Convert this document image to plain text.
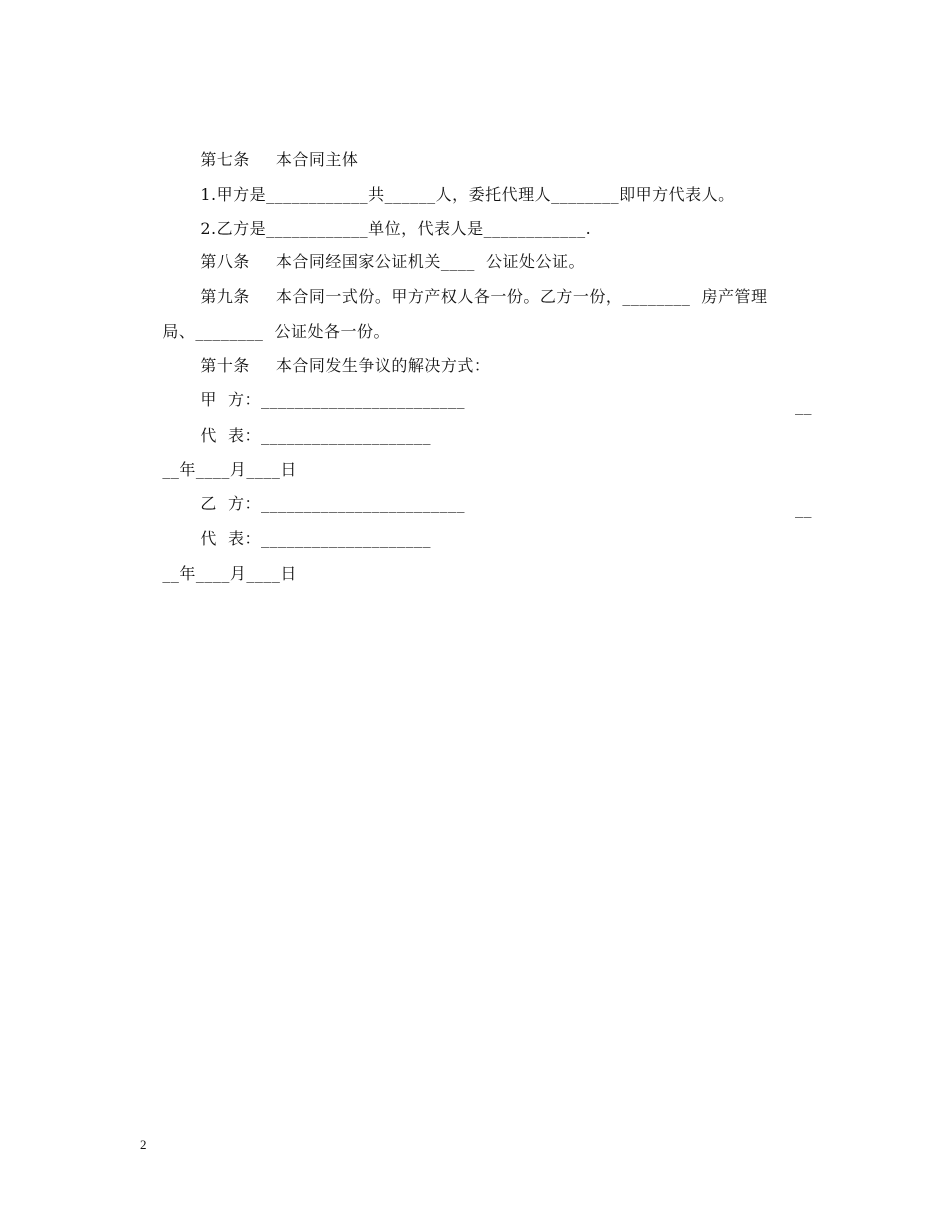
第七条 本合同主体

1.甲方是____________共______人，委托代理人________即甲方代表人。

2.乙方是____________单位，代表人是____________.

第八条 本合同经国家公证机关____  公证处公证。

第九条 本合同一式份。甲方产权人各一份。乙方一份，________  房产管理

局、________  公证处各一份。

第十条 本合同发生争议的解决方式：

甲  方：________________________

代  表：____________________

__

__年____月____日

乙  方：________________________

代  表：____________________

__

__年____月____日

2
